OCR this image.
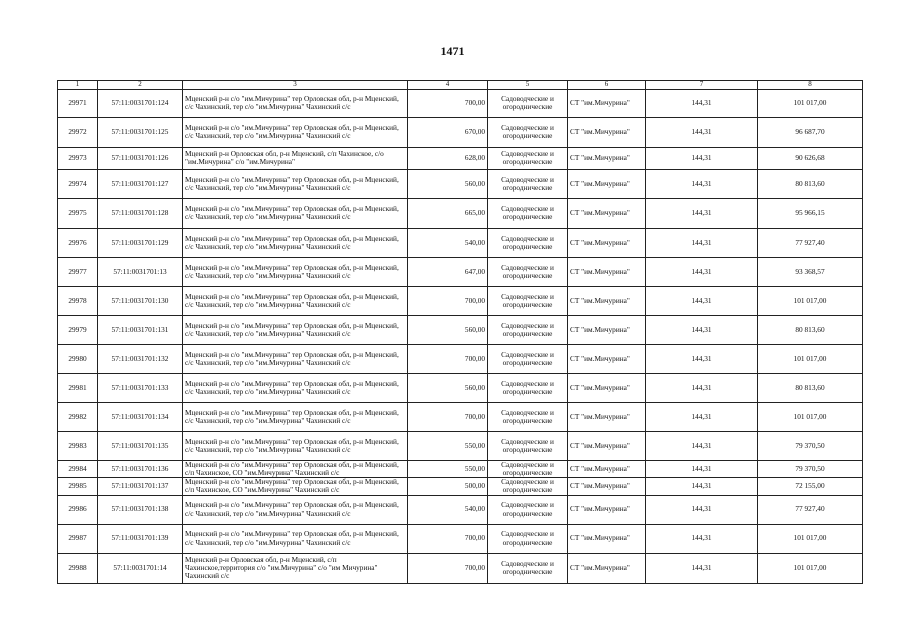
1471
1	2	3	4	5	6	7	8
29971	57:11:0031701:124	Мценский р-н с/о "им.Мичурина" тер Орловская обл, р-н Мценский, с/с Чахинский, тер с/о "им.Мичурина" Чахинский с/с	700,00	Садоводческие и огороднические	СТ "им.Мичурина"	144,31	101 017,00
29972	57:11:0031701:125	Мценский р-н с/о "им.Мичурина" тер Орловская обл, р-н Мценский, с/с Чахинский, тер с/о "им.Мичурина" Чахинский с/с	670,00	Садоводческие и огороднические	СТ "им.Мичурина"	144,31	96 687,70
29973	57:11:0031701:126	Мценский р-н Орловская обл, р-н Мценский, с/п Чахинское, с/о "им.Мичурина" с/о "им.Мичурина"	628,00	Садоводческие и огороднические	СТ "им.Мичурина"	144,31	90 626,68
29974	57:11:0031701:127	Мценский р-н с/о "им.Мичурина" тер Орловская обл, р-н Мценский, с/с Чахинский, тер с/о "им.Мичурина" Чахинский с/с	560,00	Садоводческие и огороднические	СТ "им.Мичурина"	144,31	80 813,60
29975	57:11:0031701:128	Мценский р-н с/о "им.Мичурина" тер Орловская обл, р-н Мценский, с/с Чахинский, тер с/о "им.Мичурина" Чахинский с/с	665,00	Садоводческие и огороднические	СТ "им.Мичурина"	144,31	95 966,15
29976	57:11:0031701:129	Мценский р-н с/о "им.Мичурина" тер Орловская обл, р-н Мценский, с/с Чахинский, тер с/о "им.Мичурина" Чахинский с/с	540,00	Садоводческие и огороднические	СТ "им.Мичурина"	144,31	77 927,40
29977	57:11:0031701:13	Мценский р-н с/о "им.Мичурина" тер Орловская обл, р-н Мценский, с/с Чахинский, тер с/о "им.Мичурина" Чахинский с/с	647,00	Садоводческие и огороднические	СТ "им.Мичурина"	144,31	93 368,57
29978	57:11:0031701:130	Мценский р-н с/о "им.Мичурина" тер Орловская обл, р-н Мценский, с/с Чахинский, тер с/о "им.Мичурина" Чахинский с/с	700,00	Садоводческие и огороднические	СТ "им.Мичурина"	144,31	101 017,00
29979	57:11:0031701:131	Мценский р-н с/о "им.Мичурина" тер Орловская обл, р-н Мценский, с/с Чахинский, тер с/о "им.Мичурина" Чахинский с/с	560,00	Садоводческие и огороднические	СТ "им.Мичурина"	144,31	80 813,60
29980	57:11:0031701:132	Мценский р-н с/о "им.Мичурина" тер Орловская обл, р-н Мценский, с/с Чахинский, тер с/о "им.Мичурина" Чахинский с/с	700,00	Садоводческие и огороднические	СТ "им.Мичурина"	144,31	101 017,00
29981	57:11:0031701:133	Мценский р-н с/о "им.Мичурина" тер Орловская обл, р-н Мценский, с/с Чахинский, тер с/о "им.Мичурина" Чахинский с/с	560,00	Садоводческие и огороднические	СТ "им.Мичурина"	144,31	80 813,60
29982	57:11:0031701:134	Мценский р-н с/о "им.Мичурина" тер Орловская обл, р-н Мценский, с/с Чахинский, тер с/о "им.Мичурина" Чахинский с/с	700,00	Садоводческие и огороднические	СТ "им.Мичурина"	144,31	101 017,00
29983	57:11:0031701:135	Мценский р-н с/о "им.Мичурина" тер Орловская обл, р-н Мценский, с/с Чахинский, тер с/о "им.Мичурина" Чахинский с/с	550,00	Садоводческие и огороднические	СТ "им.Мичурина"	144,31	79 370,50
29984	57:11:0031701:136	Мценский р-н с/о "им.Мичурина" тер Орловская обл, р-н Мценский, с/п Чахинское, СО "им.Мичурина" Чахинский с/с	550,00	Садоводческие и огороднические	СТ "им.Мичурина"	144,31	79 370,50
29985	57:11:0031701:137	Мценский р-н с/о "им.Мичурина" тер Орловская обл, р-н Мценский, с/п Чахинское, СО "им.Мичурина" Чахинский с/с	500,00	Садоводческие и огороднические	СТ "им.Мичурина"	144,31	72 155,00
29986	57:11:0031701:138	Мценский р-н с/о "им.Мичурина" тер Орловская обл, р-н Мценский, с/с Чахинский, тер с/о "им.Мичурина" Чахинский с/с	540,00	Садоводческие и огороднические	СТ "им.Мичурина"	144,31	77 927,40
29987	57:11:0031701:139	Мценский р-н с/о "им.Мичурина" тер Орловская обл, р-н Мценский, с/с Чахинский, тер с/о "им.Мичурина" Чахинский с/с	700,00	Садоводческие и огороднические	СТ "им.Мичурина"	144,31	101 017,00
29988	57:11:0031701:14	Мценский р-н Орловская обл, р-н Мценский, с/п Чахинское,территория с/о "им.Мичурина" с/о "им Мичурина" Чахинский с/с	700,00	Садоводческие и огороднические	СТ "им.Мичурина"	144,31	101 017,00
